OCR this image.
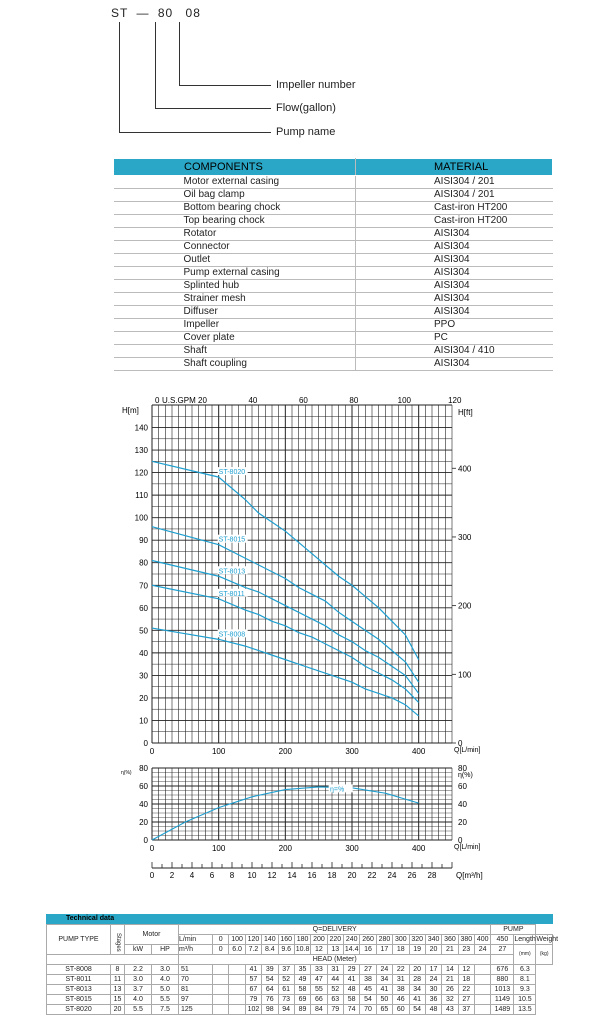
ST — 80 08
Impeller number
Flow(gallon)
Pump name
COMPONENTS	MATERIAL
Motor external casing	AISI304 / 201
Oil bag clamp	AISI304 / 201
Bottom bearing chock	Cast-iron HT200
Top bearing chock	Cast-iron HT200
Rotator	AISI304
Connector	AISI304
Outlet	AISI304
Pump external casing	AISI304
Splinted hub	AISI304
Strainer mesh	AISI304
Diffuser	AISI304
Impeller	PPO
Cover plate	PC
Shaft	AISI304 / 410
Shaft coupling	AISI304
0
10
20
30
40
50
60
70
80
90
100
110
120
130
140
0	100	200	300	400
0
100
200
300
400
0	20	40	60	80	100	120
U.S.GPM
H[m]	H[ft]
Q[L/min]
ST-8020
ST-8015
ST-8013
ST-8011
ST-8008
0	0
20	20
40	40
60	60
80	80
0	100	200	300	400
η(%)	η(%)
Q[L/min]
η=%
0 2 4 6 8 10 12 14 16 18 20 22 24 26 28 Q[m³/h]
Technical data
PUMP TYPE	Stages	Motor		Q=DELIVERY																		PUMP		
				L/min	0	100	120	140	160	180	200	220	240	260	280	300	320	340	360	380	400	450	Length	Weight
		kW	HP	m³/h	0	6.0	7.2	8.4	9.6	10.8	12	13	14.4	16	17	18	19	20	21	23	24	27	(mm)	(kg)
				HEAD (Meter)																				
ST-8008	8	2.2	3.0	51			41	39	37	35	33	31	29	27	24	22	20	17	14	12		676	6.3	
ST-8011	11	3.0	4.0	70			57	54	52	49	47	44	41	38	34	31	28	24	21	18		880	8.1	
ST-8013	13	3.7	5.0	81			67	64	61	58	55	52	48	45	41	38	34	30	26	22		1013	9.3	
ST-8015	15	4.0	5.5	97			79	76	73	69	66	63	58	54	50	46	41	36	32	27		1149	10.5	
ST-8020	20	5.5	7.5	125			102	98	94	89	84	79	74	70	65	60	54	48	43	37		1489	13.5	
